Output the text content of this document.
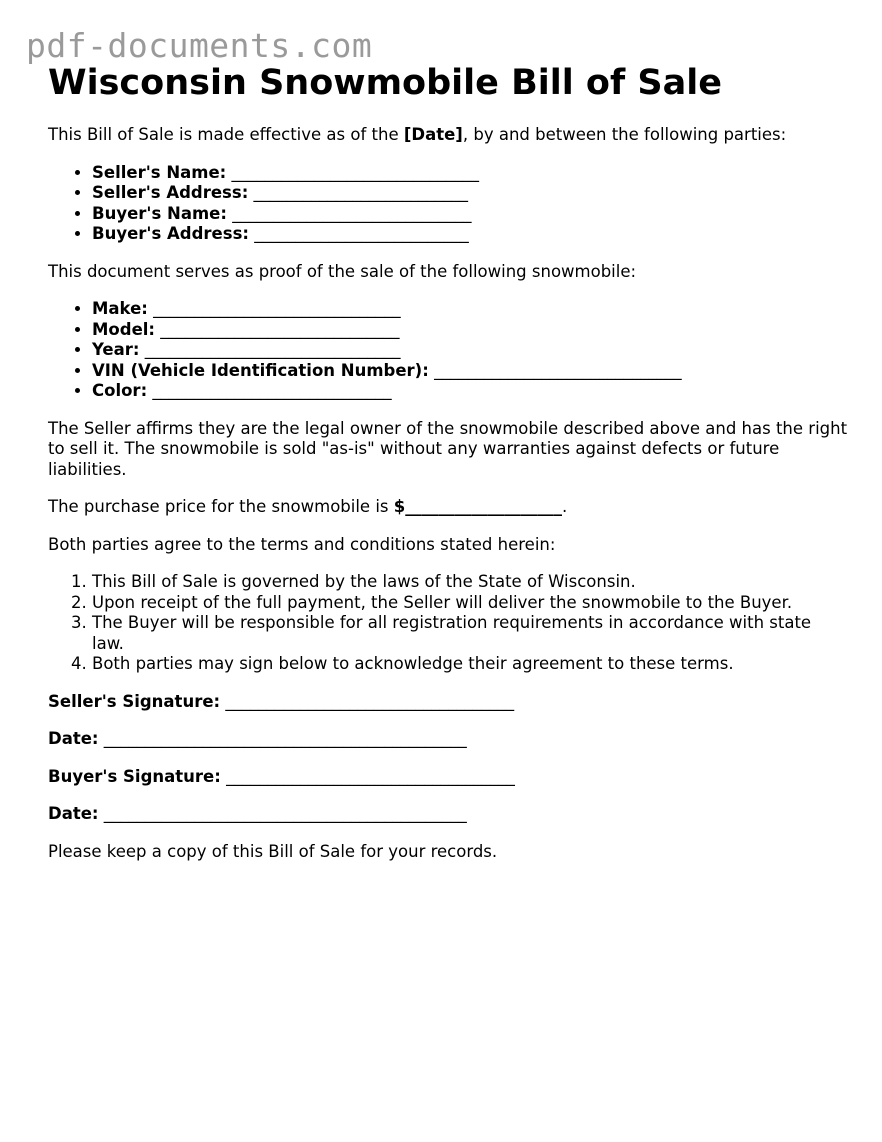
pdf-documents.com
Wisconsin Snowmobile Bill of Sale

This Bill of Sale is made effective as of the [Date], by and between the following parties:

• Seller's Name: ______________________________
• Seller's Address: __________________________
• Buyer's Name: _____________________________
• Buyer's Address: __________________________

This document serves as proof of the sale of the following snowmobile:

• Make: ______________________________
• Model: _____________________________
• Year: _______________________________
• VIN (Vehicle Identification Number): ______________________________
• Color: _____________________________

The Seller affirms they are the legal owner of the snowmobile described above and has the right to sell it. The snowmobile is sold "as-is" without any warranties against defects or future liabilities.

The purchase price for the snowmobile is $___________________.

Both parties agree to the terms and conditions stated herein:

1. This Bill of Sale is governed by the laws of the State of Wisconsin.
2. Upon receipt of the full payment, the Seller will deliver the snowmobile to the Buyer.
3. The Buyer will be responsible for all registration requirements in accordance with state law.
4. Both parties may sign below to acknowledge their agreement to these terms.
Seller's Signature: ___________________________________
Date: ____________________________________________
Buyer's Signature: ___________________________________
Date: ____________________________________________

Please keep a copy of this Bill of Sale for your records.
